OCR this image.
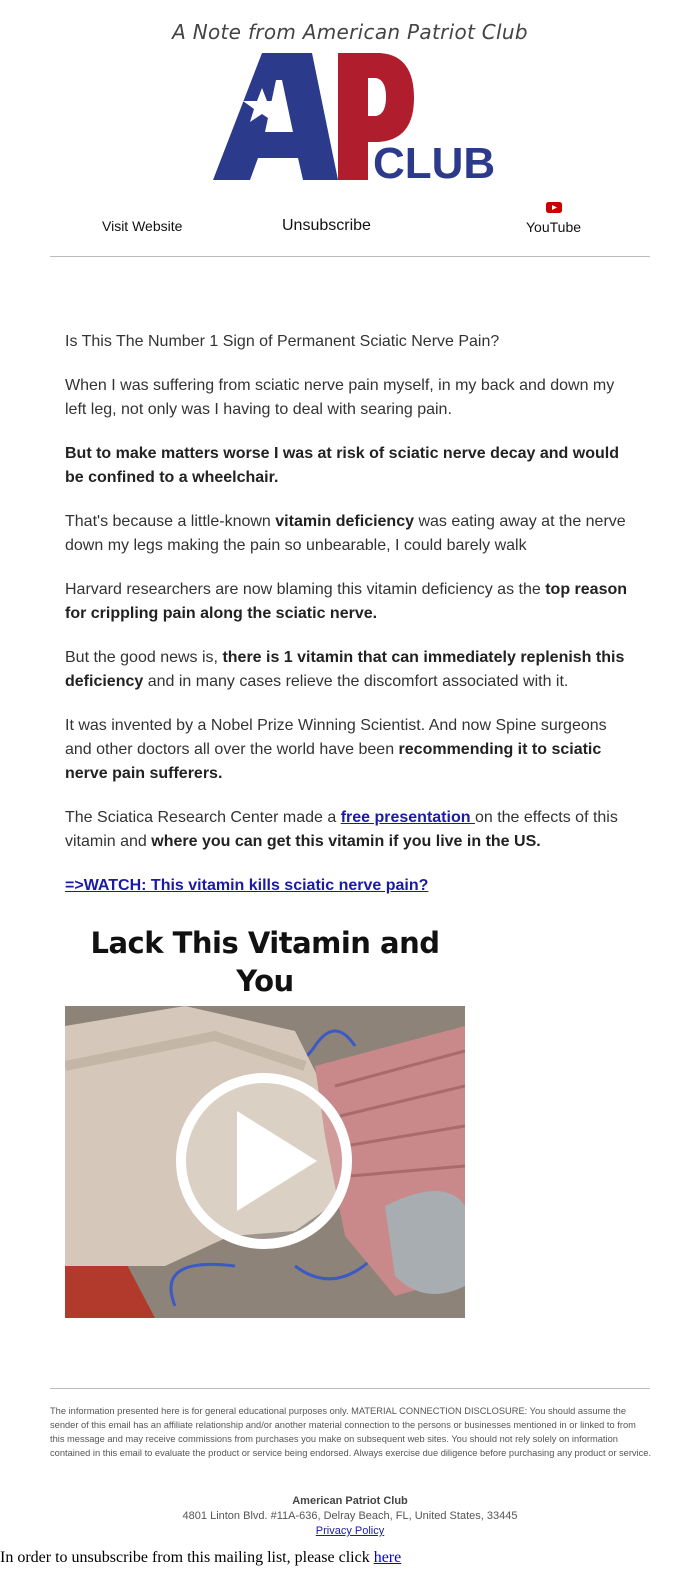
A Note from American Patriot Club
CLUB
Visit Website	Unsubscribe	YouTube

Is This The Number 1 Sign of Permanent Sciatic Nerve Pain?

When I was suffering from sciatic nerve pain myself, in my back and down my left leg, not only was I having to deal with searing pain.

But to make matters worse I was at risk of sciatic nerve decay and would be confined to a wheelchair.

That's because a little-known vitamin deficiency was eating away at the nerve down my legs making the pain so unbearable, I could barely walk

Harvard researchers are now blaming this vitamin deficiency as the top reason for crippling pain along the sciatic nerve.

But the good news is, there is 1 vitamin that can immediately replenish this deficiency and in many cases relieve the discomfort associated with it.

It was invented by a Nobel Prize Winning Scientist. And now Spine surgeons and other doctors all over the world have been recommending it to sciatic nerve pain sufferers.

The Sciatica Research Center made a free presentation on the effects of this vitamin and where you can get this vitamin if you live in the US.

=>WATCH: This vitamin kills sciatic nerve pain?

Lack This Vitamin and You
The information presented here is for general educational purposes only. MATERIAL CONNECTION DISCLOSURE: You should assume the sender of this email has an affiliate relationship and/or another material connection to the persons or businesses mentioned in or linked to from this message and may receive commissions from purchases you make on subsequent web sites. You should not rely solely on information contained in this email to evaluate the product or service being endorsed. Always exercise due diligence before purchasing any product or service.
American Patriot Club
4801 Linton Blvd. #11A-636, Delray Beach, FL, United States, 33445
Privacy Policy
In order to unsubscribe from this mailing list, please click here
